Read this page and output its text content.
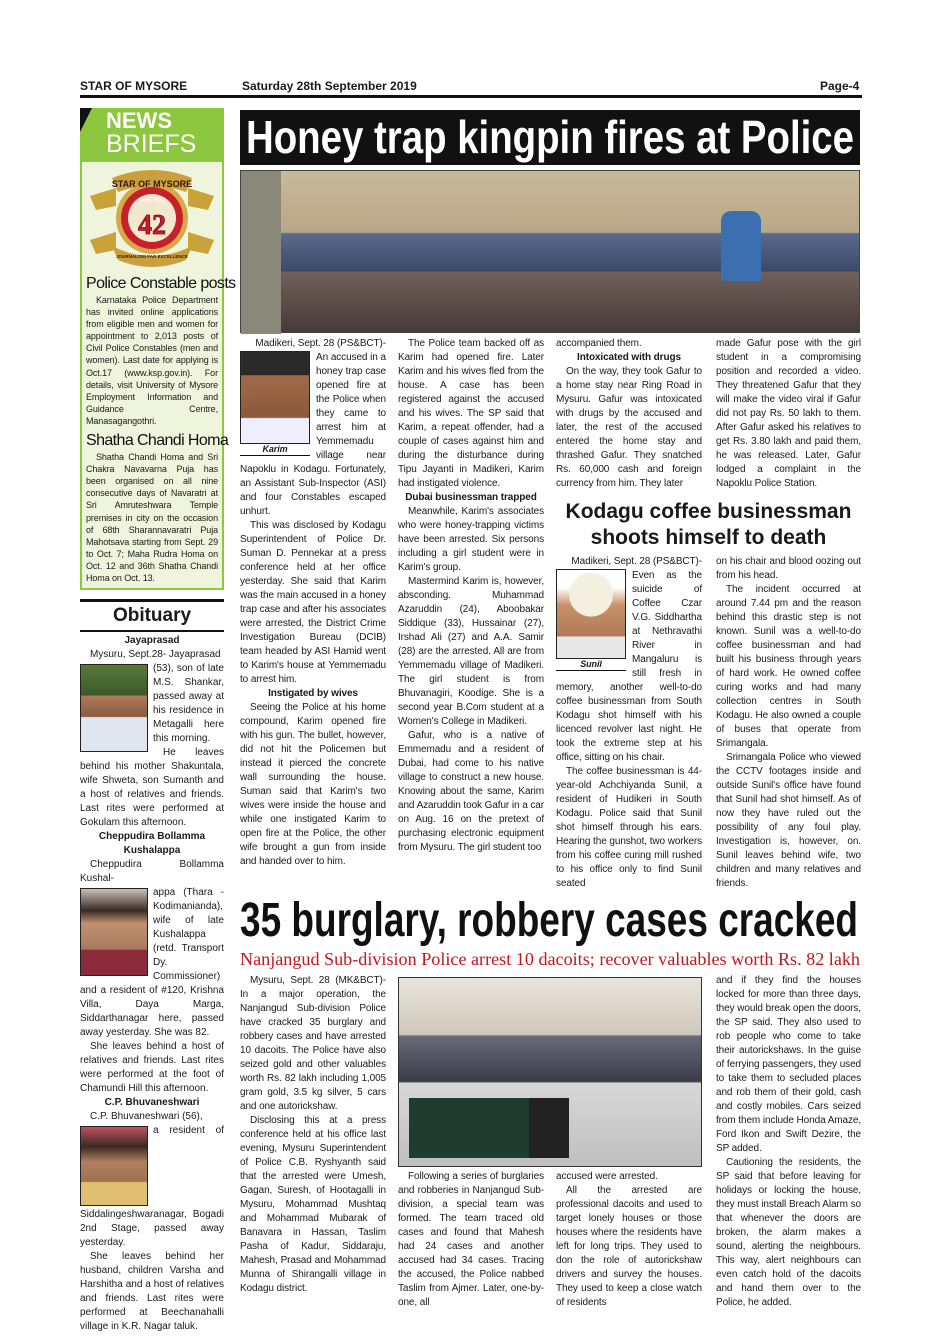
STAR OF MYSORE	Saturday 28th September 2019	Page-4
NEWS
BRIEFS
STAR OF MYSORE
Estd. 1978
42
JOURNALISM PAR EXCELLENCE
Police Constable posts

Karnataka Police Department has invited online applications from eligible men and women for appointment to 2,013 posts of Civil Police Constables (men and women). Last date for applying is Oct.17 (www.ksp.gov.in). For details, visit University of Mysore Employment Information and Guidance Centre, Manasagangothri.

Shatha Chandi Homa

Shatha Chandi Homa and Sri Chakra Navavarna Puja has been organised on all nine consecutive days of Navaratri at Sri Amruteshwara Temple premises in city on the occasion of 68th Sharannavaratri Puja Mahotsava starting from Sept. 29 to Oct. 7; Maha Rudra Homa on Oct. 12 and 36th Shatha Chandi Homa on Oct. 13.

Obituary
Jayaprasad
Mysuru, Sept.28- Jayaprasad

(53), son of late M.S. Shankar, passed away at his residence in Metagalli here this morning.

He leaves behind his mother Shakuntala, wife Shweta, son Sumanth and a host of relatives and friends. Last rites were performed at Gokulam this afternoon.

Cheppudira Bollamma Kushalappa
Cheppudira Bollamma Kushal-

appa (Thara - Kodimanianda), wife of late Kushalappa (retd. Transport Dy. Commissioner) and a resident of #120, Krishna Villa, Daya Marga, Siddarthanagar here, passed away yesterday. She was 82.

She leaves behind a host of relatives and friends. Last rites were performed at the foot of Chamundi Hill this afternoon.

C.P. Bhuvaneshwari
C.P. Bhuvaneshwari (56),

a resident of Siddalingeshwaranagar, Bogadi 2nd Stage, passed away yesterday.

She leaves behind her husband, children Varsha and Harshitha and a host of relatives and friends. Last rites were performed at Beechanahalli village in K.R. Nagar taluk.

Honey trap kingpin fires at Police
Madikeri, Sept. 28 (PS&BCT)-
Karim

An accused in a honey trap case opened fire at the Police when they came to arrest him at Yemmemadu village near Napoklu in Kodagu. Fortunately, an Assistant Sub-Inspector (ASI) and four Constables escaped unhurt.

This was disclosed by Kodagu Superintendent of Police Dr. Suman D. Pennekar at a press conference held at her office yesterday. She said that Karim was the main accused in a honey trap case and after his associates were arrested, the District Crime Investigation Bureau (DCIB) team headed by ASI Hamid went to Karim's house at Yemmemadu to arrest him.

Instigated by wives

Seeing the Police at his home compound, Karim opened fire with his gun. The bullet, however, did not hit the Policemen but instead it pierced the concrete wall surrounding the house. Suman said that Karim's two wives were inside the house and while one instigated Karim to open fire at the Police, the other wife brought a gun from inside and handed over to him.

The Police team backed off as Karim had opened fire. Later Karim and his wives fled from the house. A case has been registered against the accused and his wives. The SP said that Karim, a repeat offender, had a couple of cases against him and during the disturbance during Tipu Jayanti in Madikeri, Karim had instigated violence.

Dubai businessman trapped

Meanwhile, Karim's associates who were honey-trapping victims have been arrested. Six persons including a girl student were in Karim's group.

Mastermind Karim is, however, absconding. Muhammad Azaruddin (24), Aboobakar Siddique (33), Hussainar (27), Irshad Ali (27) and A.A. Samir (28) are the arrested. All are from Yemmemadu village of Madikeri. The girl student is from Bhuvanagiri, Koodige. She is a second year B.Com student at a Women's College in Madikeri.

Gafur, who is a native of Emmemadu and a resident of Dubai, had come to his native village to construct a new house. Knowing about the same, Karim and Azaruddin took Gafur in a car on Aug. 16 on the pretext of purchasing electronic equipment from Mysuru. The girl student too

accompanied them.

Intoxicated with drugs

On the way, they took Gafur to a home stay near Ring Road in Mysuru. Gafur was intoxicated with drugs by the accused and later, the rest of the accused entered the home stay and thrashed Gafur. They snatched Rs. 60,000 cash and foreign currency from him. They later

made Gafur pose with the girl student in a compromising position and recorded a video. They threatened Gafur that they will make the video viral if Gafur did not pay Rs. 50 lakh to them. After Gafur asked his relatives to get Rs. 3.80 lakh and paid them, he was released. Later, Gafur lodged a complaint in the Napoklu Police Station.

Kodagu coffee businessman
shoots himself to death
Madikeri, Sept. 28 (PS&BCT)-
Sunil

Even as the suicide of Coffee Czar V.G. Siddhartha at Nethravathi River in Mangaluru is still fresh in memory, another well-to-do coffee businessman from South Kodagu shot himself with his licenced revolver last night. He took the extreme step at his office, sitting on his chair.

The coffee businessman is 44-year-old Achchiyanda Sunil, a resident of Hudikeri in South Kodagu. Police said that Sunil shot himself through his ears. Hearing the gunshot, two workers from his coffee curing mill rushed to his office only to find Sunil seated

on his chair and blood oozing out from his head.

The incident occurred at around 7.44 pm and the reason behind this drastic step is not known. Sunil was a well-to-do coffee businessman and had built his business through years of hard work. He owned coffee curing works and had many collection centres in South Kodagu. He also owned a couple of buses that operate from Srimangala.

Srimangala Police who viewed the CCTV footages inside and outside Sunil's office have found that Sunil had shot himself. As of now they have ruled out the possibility of any foul play. Investigation is, however, on. Sunil leaves behind wife, two children and many relatives and friends.

35 burglary, robbery cases cracked
Nanjangud Sub-division Police arrest 10 dacoits; recover valuables worth Rs. 82 lakh

Mysuru, Sept. 28 (MK&BCT)- In a major operation, the Nanjangud Sub-division Police have cracked 35 burglary and robbery cases and have arrested 10 dacoits. The Police have also seized gold and other valuables worth Rs. 82 lakh including 1,005 gram gold, 3.5 kg silver, 5 cars and one autorickshaw.

Disclosing this at a press conference held at his office last evening, Mysuru Superintendent of Police C.B. Ryshyanth said that the arrested were Umesh, Gagan, Suresh, of Hootagalli in Mysuru, Mohammad Mushtaq and Mohammad Mubarak of Banavara in Hassan, Taslim Pasha of Kadur, Siddaraju, Mahesh, Prasad and Mohammad Munna of Shirangalli village in Kodagu district.

Following a series of burglaries and robberies in Nanjangud Sub-division, a special team was formed. The team traced old cases and found that Mahesh had 24 cases and another accused had 34 cases. Tracing the accused, the Police nabbed Taslim from Ajmer. Later, one-by-one, all

accused were arrested.

All the arrested are professional dacoits and used to target lonely houses or those houses where the residents have left for long trips. They used to don the role of autorickshaw drivers and survey the houses. They used to keep a close watch of residents

and if they find the houses locked for more than three days, they would break open the doors, the SP said. They also used to rob people who come to take their autorickshaws. In the guise of ferrying passengers, they used to take them to secluded places and rob them of their gold, cash and costly mobiles. Cars seized from them include Honda Amaze, Ford Ikon and Swift Dezire, the SP added.

Cautioning the residents, the SP said that before leaving for holidays or locking the house, they must install Breach Alarm so that whenever the doors are broken, the alarm makes a sound, alerting the neighbours. This way, alert neighbours can even catch hold of the dacoits and hand them over to the Police, he added.
